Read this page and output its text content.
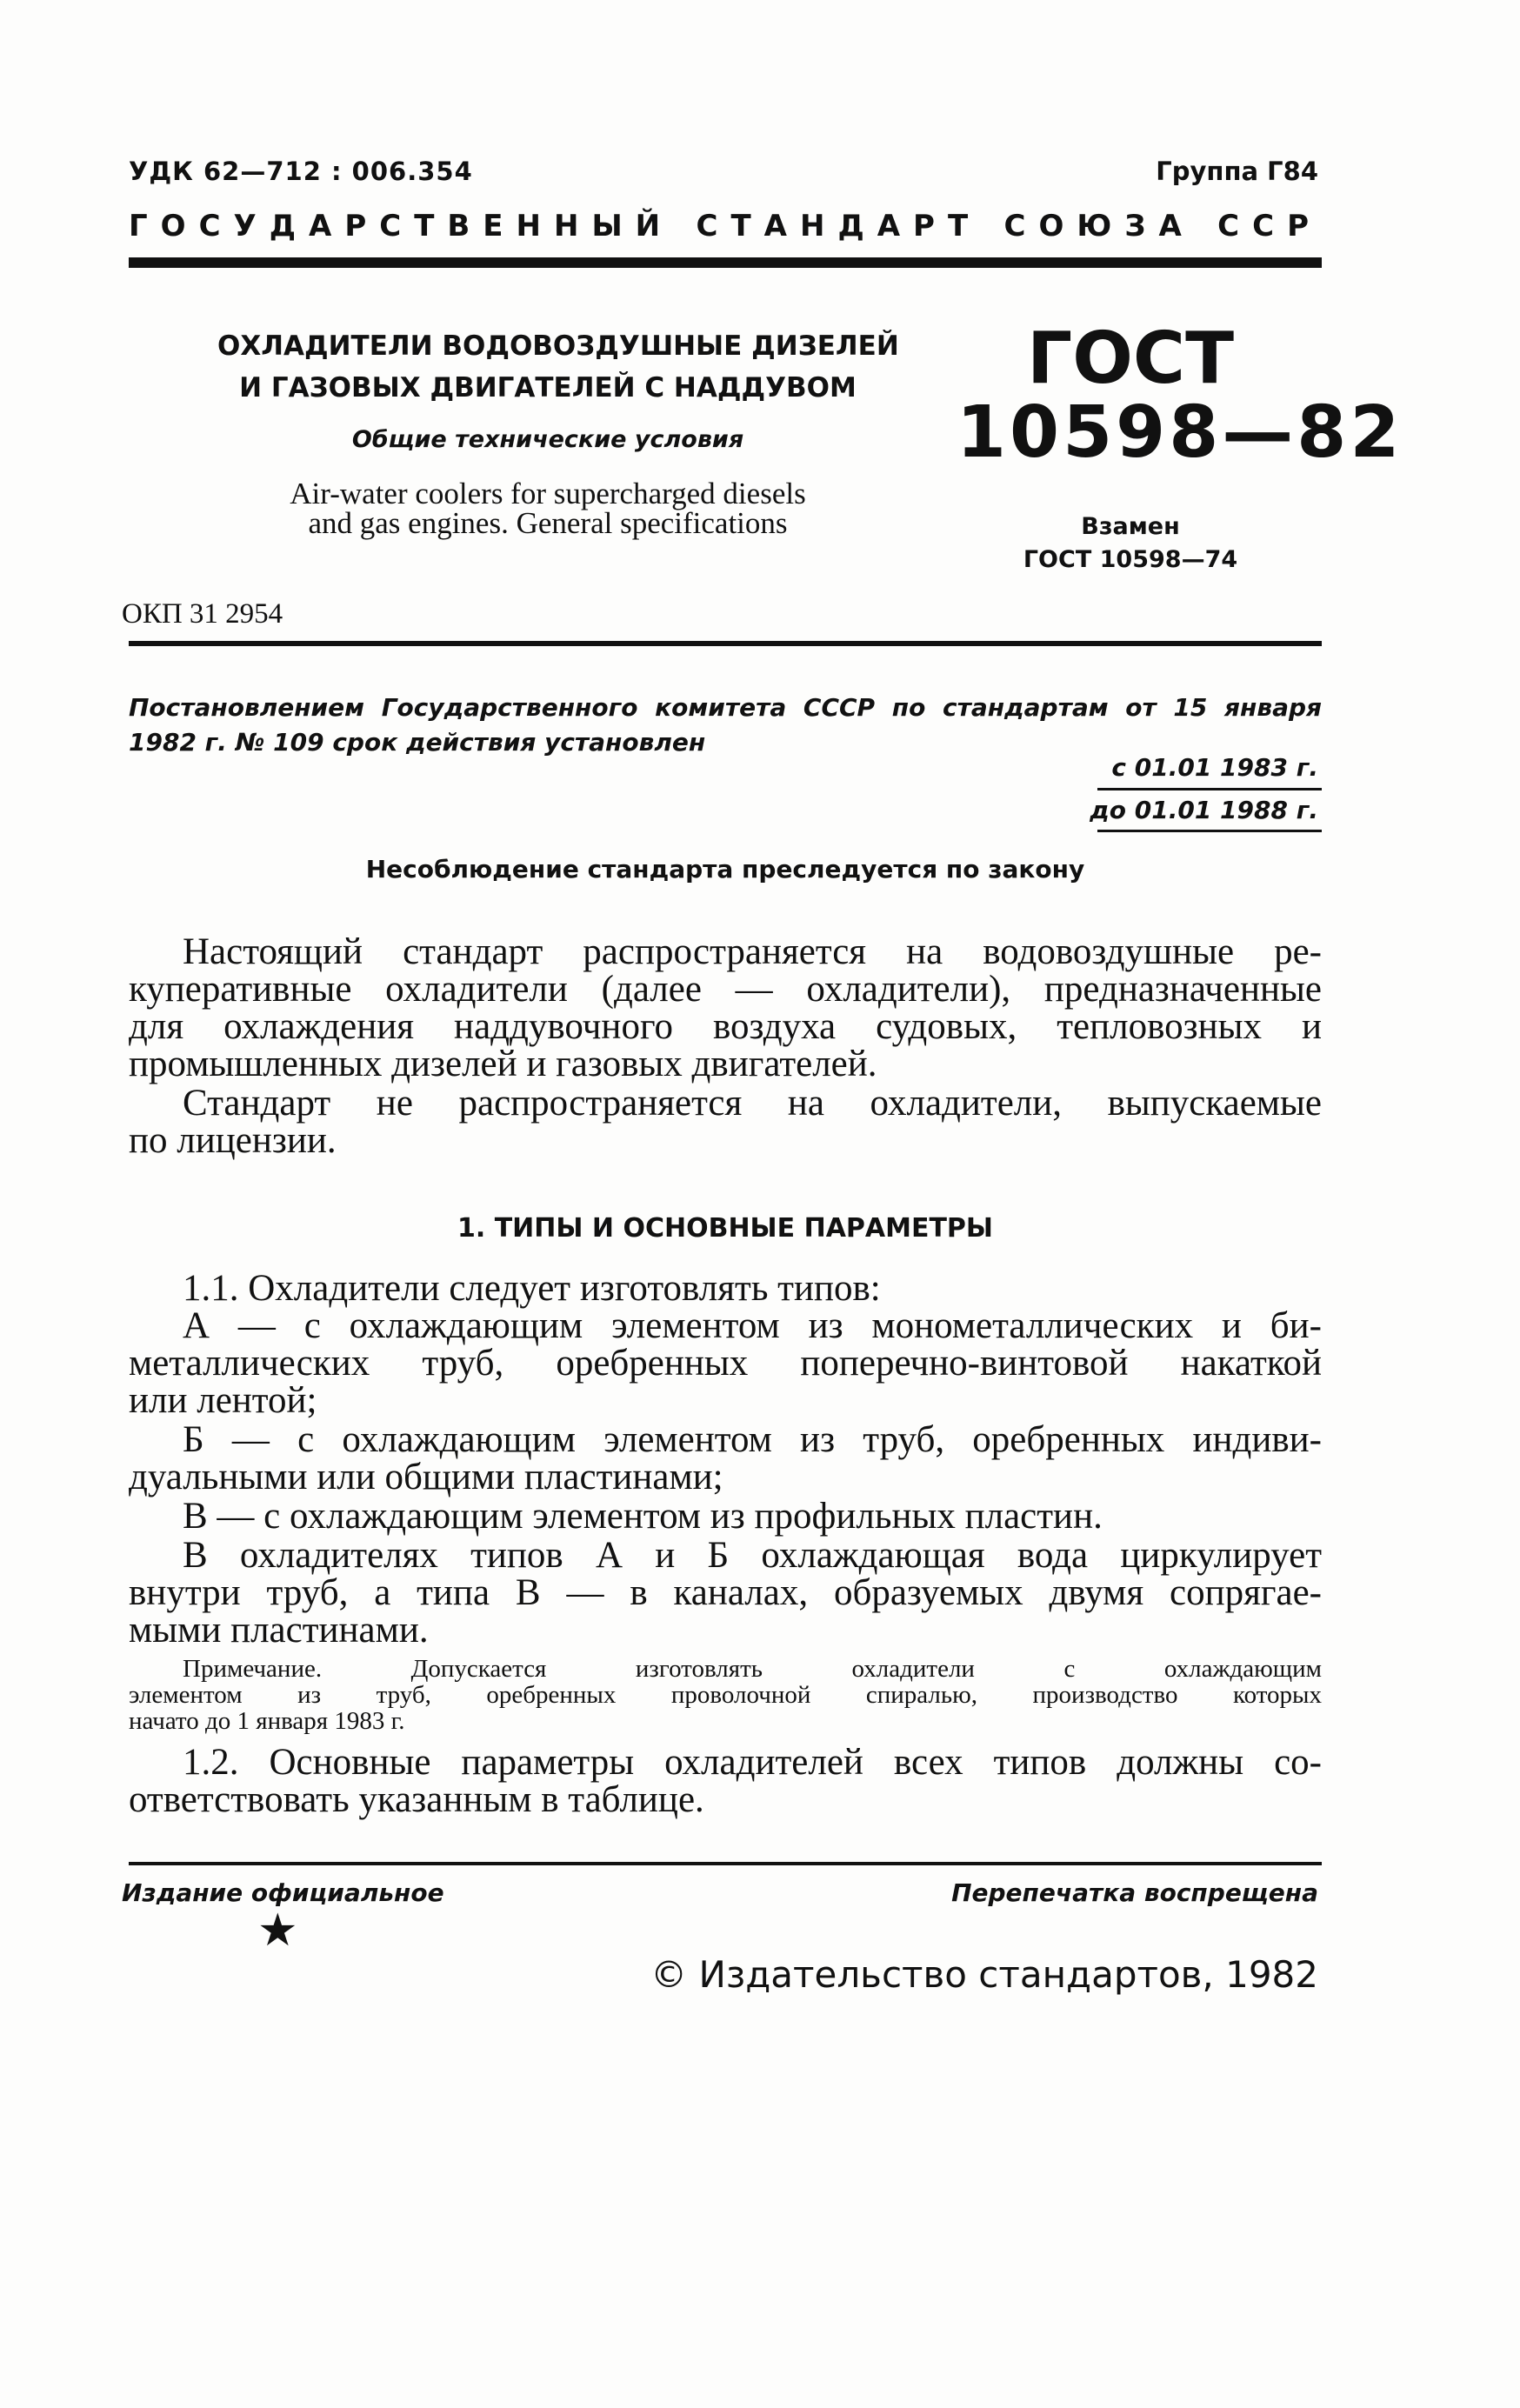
УДК 62—712 : 006.354	Группа Г84
ГОСУДАРСТВЕННЫЙ СТАНДАРТ СОЮЗА ССР
ОХЛАДИТЕЛИ ВОДОВОЗДУШНЫЕ ДИЗЕЛЕЙ
И ГАЗОВЫХ ДВИГАТЕЛЕЙ С НАДДУВОМ
Общие технические условия
Air-water coolers for supercharged diesels
and gas engines. General specifications
ГОСТ
10598—82
Взамен
ГОСТ 10598—74
ОКП 31 2954
Постановлением Государственного комитета СССР по стандартам от 15 января 1982 г. № 109 срок действия установлен
с 01.01 1983 г.
до 01.01 1988 г.
Несоблюдение стандарта преследуется по закону
Настоящий стандарт распространяется на водовоздушные ре-
куперативные охладители (далее — охладители), предназначенные
для охлаждения наддувочного воздуха судовых, тепловозных и
промышленных дизелей и газовых двигателей.
Стандарт не распространяется на охладители, выпускаемые
по лицензии.
1. ТИПЫ И ОСНОВНЫЕ ПАРАМЕТРЫ
1.1. Охладители следует изготовлять типов:
А — с охлаждающим элементом из монометаллических и би-
металлических труб, оребренных поперечно-винтовой накаткой
или лентой;
Б — с охлаждающим элементом из труб, оребренных индиви-
дуальными или общими пластинами;
В — с охлаждающим элементом из профильных пластин.
В охладителях типов А и Б охлаждающая вода циркулирует
внутри труб, а типа В — в каналах, образуемых двумя сопрягае-
мыми пластинами.
Примечание. Допускается изготовлять охладители с охлаждающим
элементом из труб, оребренных проволочной спиралью, производство которых
начато до 1 января 1983 г.
1.2. Основные параметры охладителей всех типов должны со-
ответствовать указанным в таблице.
Издание официальное	Перепечатка воспрещена
★
© Издательство стандартов, 1982
